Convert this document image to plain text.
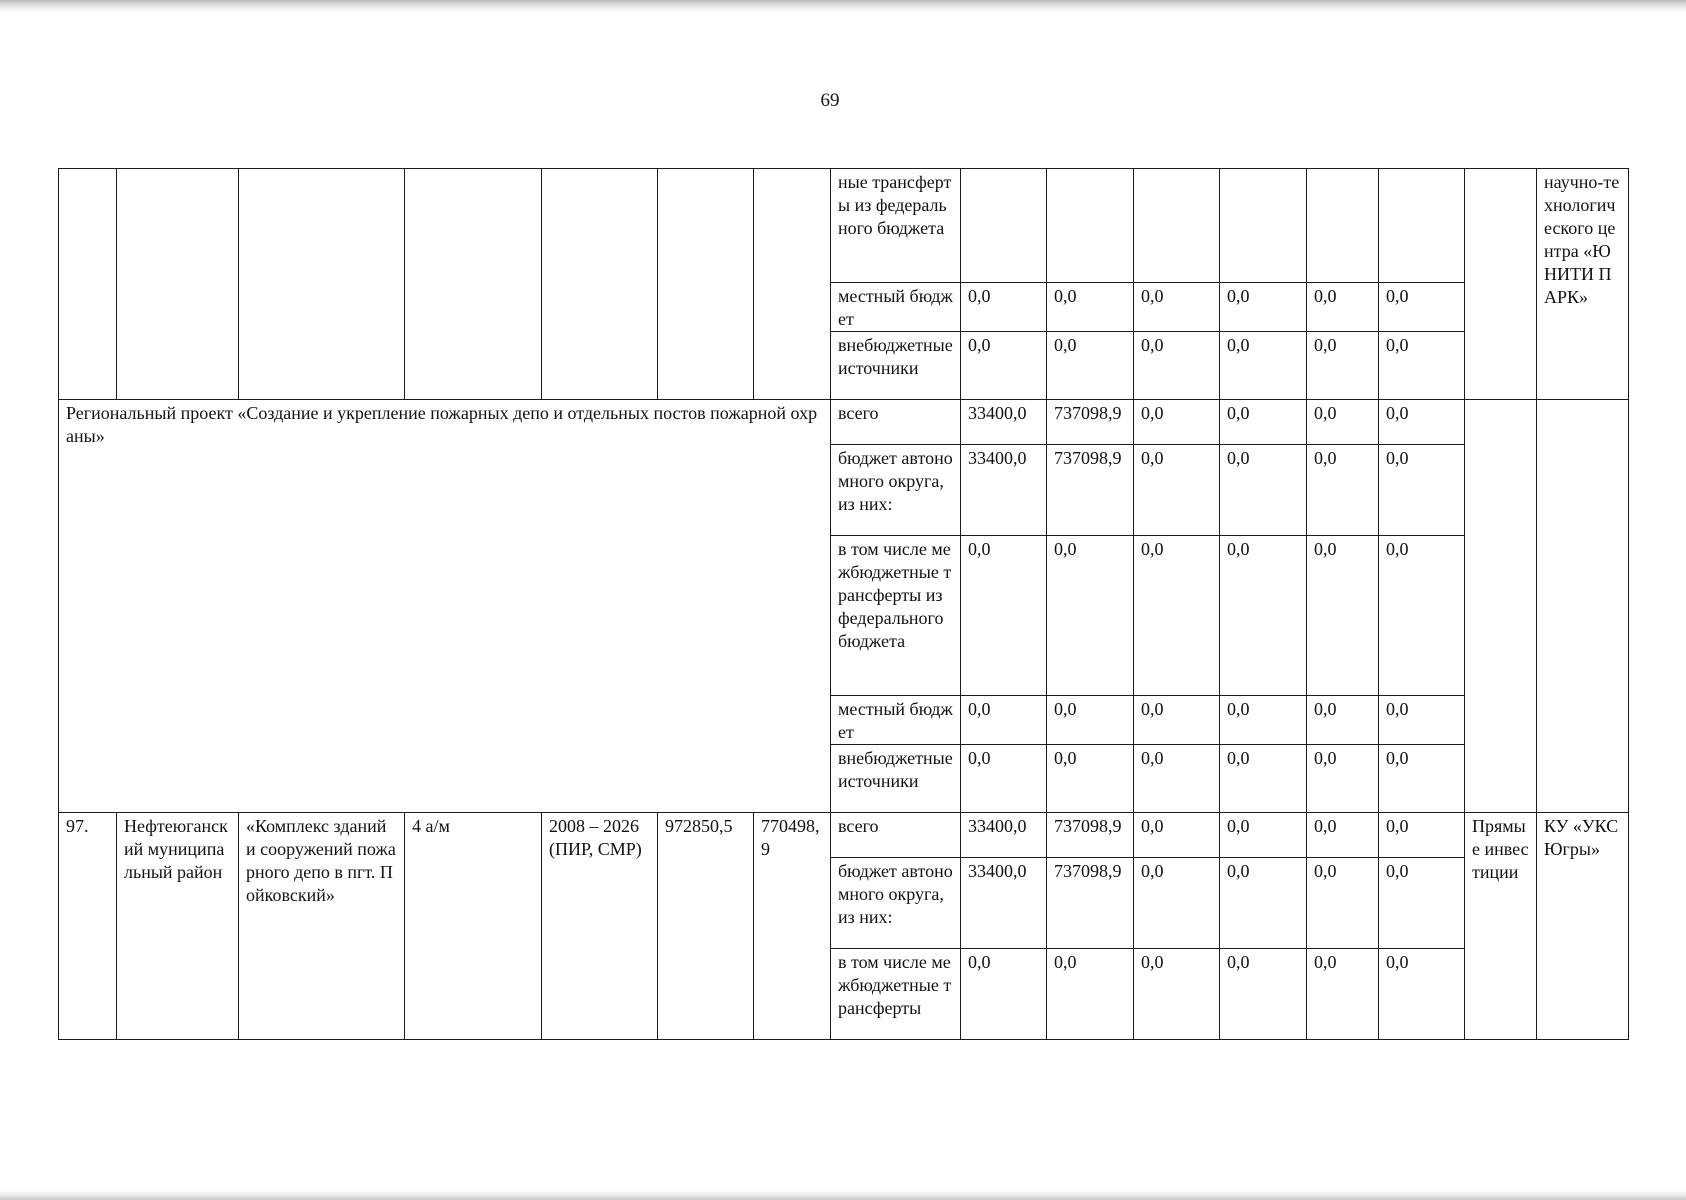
69
							ные трансферты из федерального бюджета								научно-технологического центра «ЮНИТИ ПАРК»
							местный бюджет	0,0	0,0	0,0	0,0	0,0	0,0		
							внебюджетные источники	0,0	0,0	0,0	0,0	0,0	0,0		
Региональный проект «Создание и укрепление пожарных депо и отдельных постов пожарной охраны»							всего	33400,0	737098,9	0,0	0,0	0,0	0,0		
							бюджет автономного округа, из них:	33400,0	737098,9	0,0	0,0	0,0	0,0		
							в том числе межбюджетные трансферты из федерального бюджета	0,0	0,0	0,0	0,0	0,0	0,0		
							местный бюджет	0,0	0,0	0,0	0,0	0,0	0,0		
							внебюджетные источники	0,0	0,0	0,0	0,0	0,0	0,0		
97.	Нефтеюганский муниципальный район	«Комплекс зданий и сооружений пожарного депо в пгт. Пойковский»	4 а/м	2008 – 2026 (ПИР, СМР)	972850,5	770498,9	всего	33400,0	737098,9	0,0	0,0	0,0	0,0	Прямые инвестиции	КУ «УКС Югры»
							бюджет автономного округа, из них:	33400,0	737098,9	0,0	0,0	0,0	0,0		
							в том числе межбюджетные трансферты	0,0	0,0	0,0	0,0	0,0	0,0		
